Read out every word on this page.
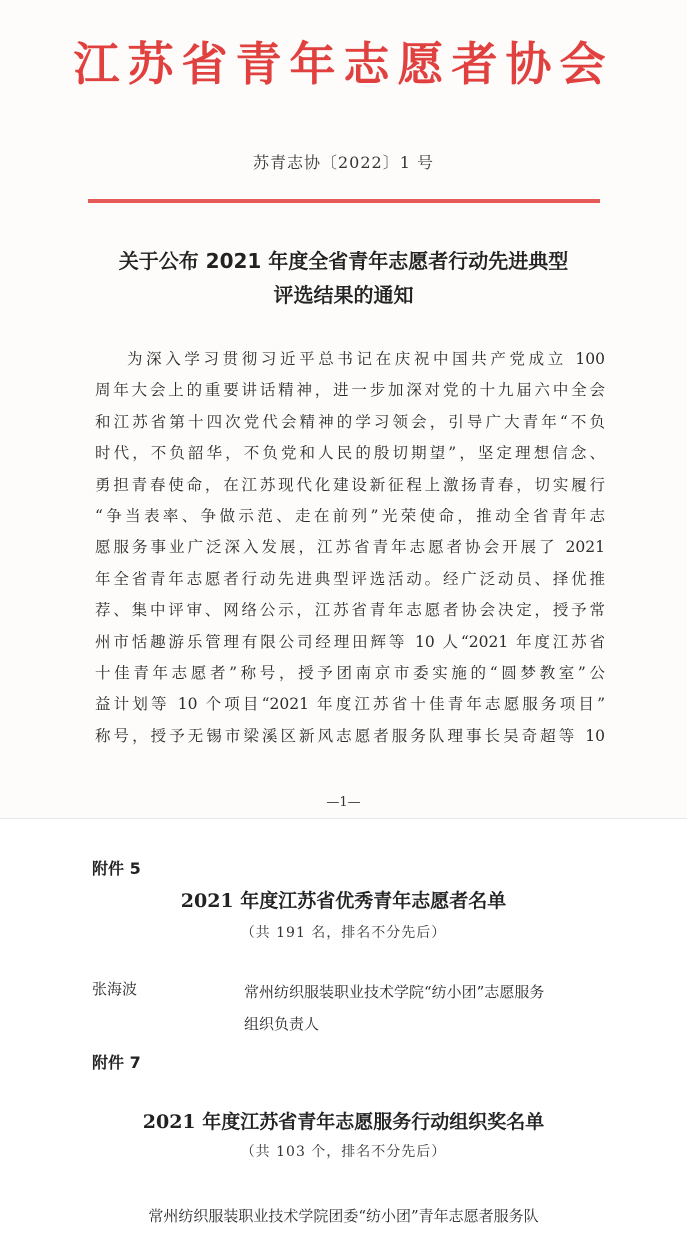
江苏省青年志愿者协会
苏青志协〔2022〕1 号
关于公布 2021 年度全省青年志愿者行动先进典型
评选结果的通知
为深入学习贯彻习近平总书记在庆祝中国共产党成立 100
周年大会上的重要讲话精神，进一步加深对党的十九届六中全会
和江苏省第十四次党代会精神的学习领会，引导广大青年“不负
时代，不负韶华，不负党和人民的殷切期望”，坚定理想信念、
勇担青春使命，在江苏现代化建设新征程上激扬青春，切实履行
“争当表率、争做示范、走在前列”光荣使命，推动全省青年志
愿服务事业广泛深入发展，江苏省青年志愿者协会开展了 2021
年全省青年志愿者行动先进典型评选活动。经广泛动员、择优推
荐、集中评审、网络公示，江苏省青年志愿者协会决定，授予常
州市恬趣游乐管理有限公司经理田辉等 10 人“2021 年度江苏省
十佳青年志愿者”称号，授予团南京市委实施的“圆梦教室”公
益计划等 10 个项目“2021 年度江苏省十佳青年志愿服务项目”
称号，授予无锡市梁溪区新风志愿者服务队理事长吴奇超等 10
—1—
附件 5
2021 年度江苏省优秀青年志愿者名单
（共 191 名，排名不分先后）
张海波	常州纺织服装职业技术学院“纺小团”志愿服务
组织负责人
附件 7
2021 年度江苏省青年志愿服务行动组织奖名单
（共 103 个，排名不分先后）
常州纺织服装职业技术学院团委“纺小团”青年志愿者服务队
